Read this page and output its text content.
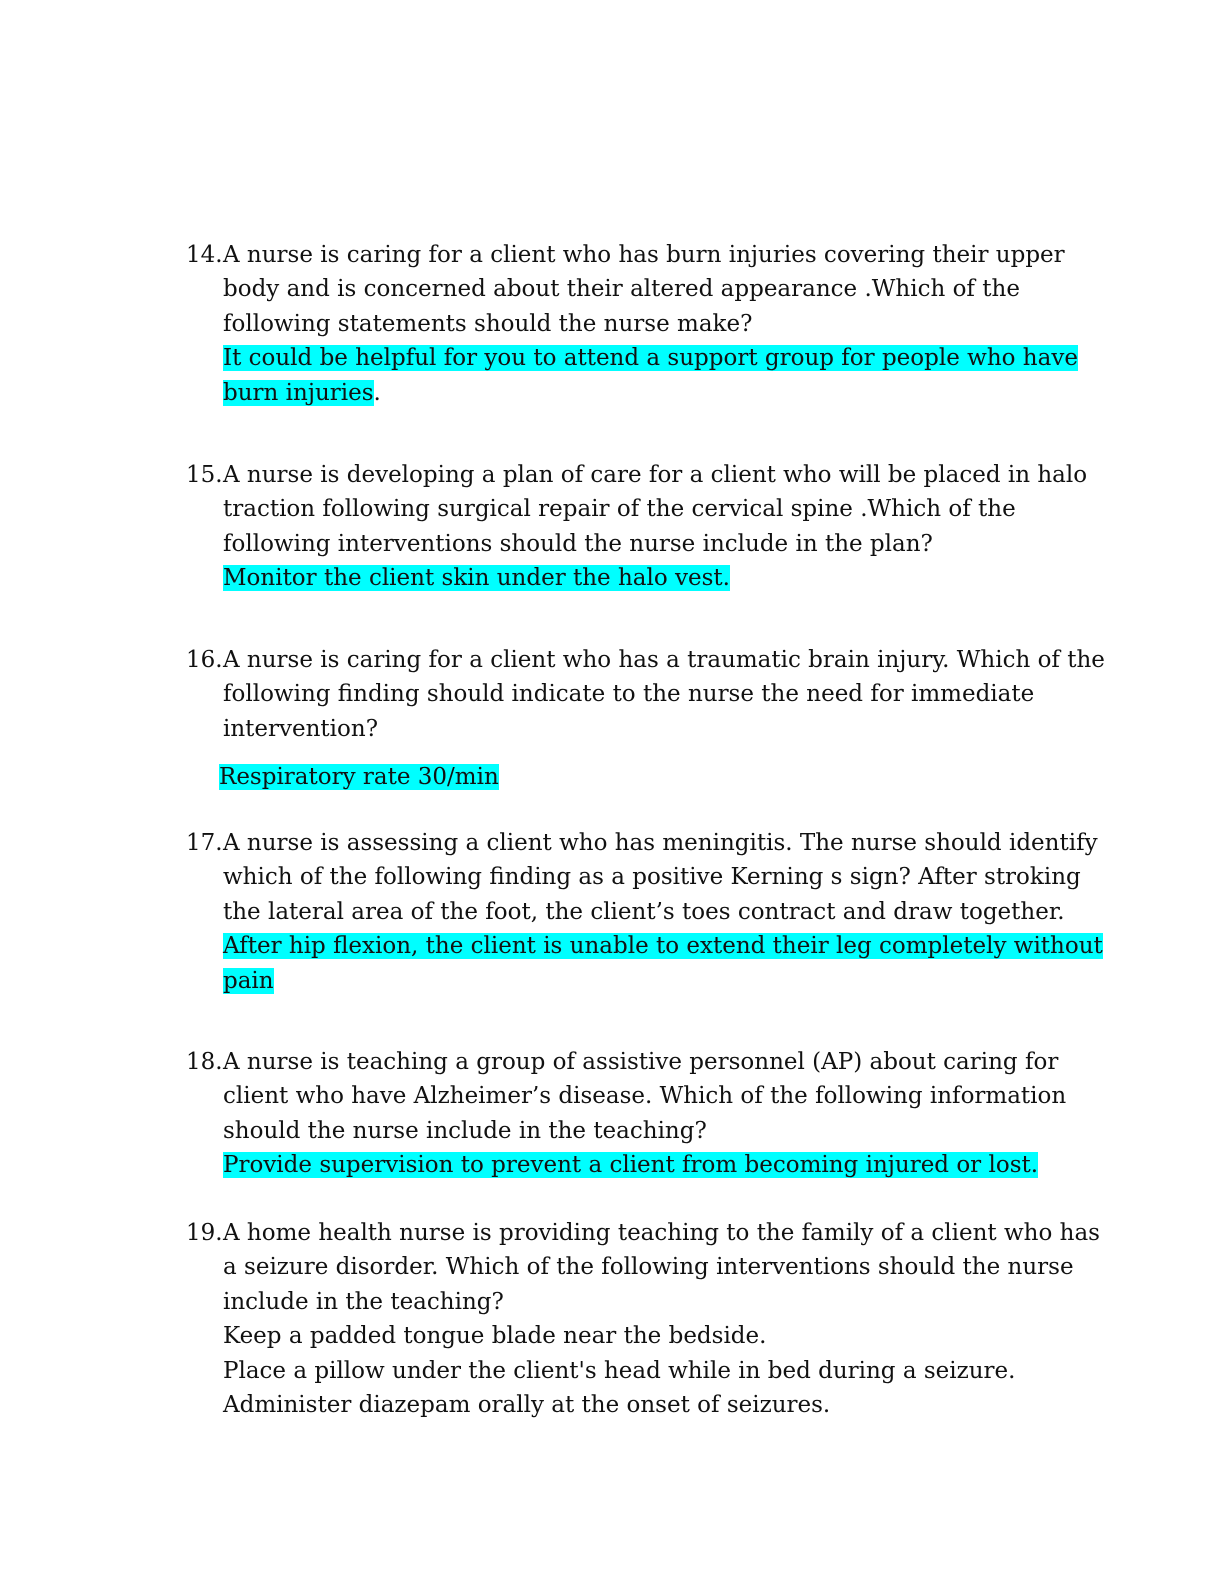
14. A nurse is caring for a client who has burn injuries covering their upper
body and is concerned about their altered appearance .Which of the
following statements should the nurse make?
It could be helpful for you to attend a support group for people who have
burn injuries.
15. A nurse is developing a plan of care for a client who will be placed in halo
traction following surgical repair of the cervical spine .Which of the
following interventions should the nurse include in the plan?
Monitor the client skin under the halo vest.
16. A nurse is caring for a client who has a traumatic brain injury. Which of the
following finding should indicate to the nurse the need for immediate
intervention?
Respiratory rate 30/min
17. A nurse is assessing a client who has meningitis. The nurse should identify
which of the following finding as a positive Kerning s sign? After stroking
the lateral area of the foot, the client’s toes contract and draw together.
After hip flexion, the client is unable to extend their leg completely without
pain
18. A nurse is teaching a group of assistive personnel (AP) about caring for
client who have Alzheimer’s disease. Which of the following information
should the nurse include in the teaching?
Provide supervision to prevent a client from becoming injured or lost.
19. A home health nurse is providing teaching to the family of a client who has
a seizure disorder. Which of the following interventions should the nurse
include in the teaching?
Keep a padded tongue blade near the bedside.
Place a pillow under the client's head while in bed during a seizure.
Administer diazepam orally at the onset of seizures.
